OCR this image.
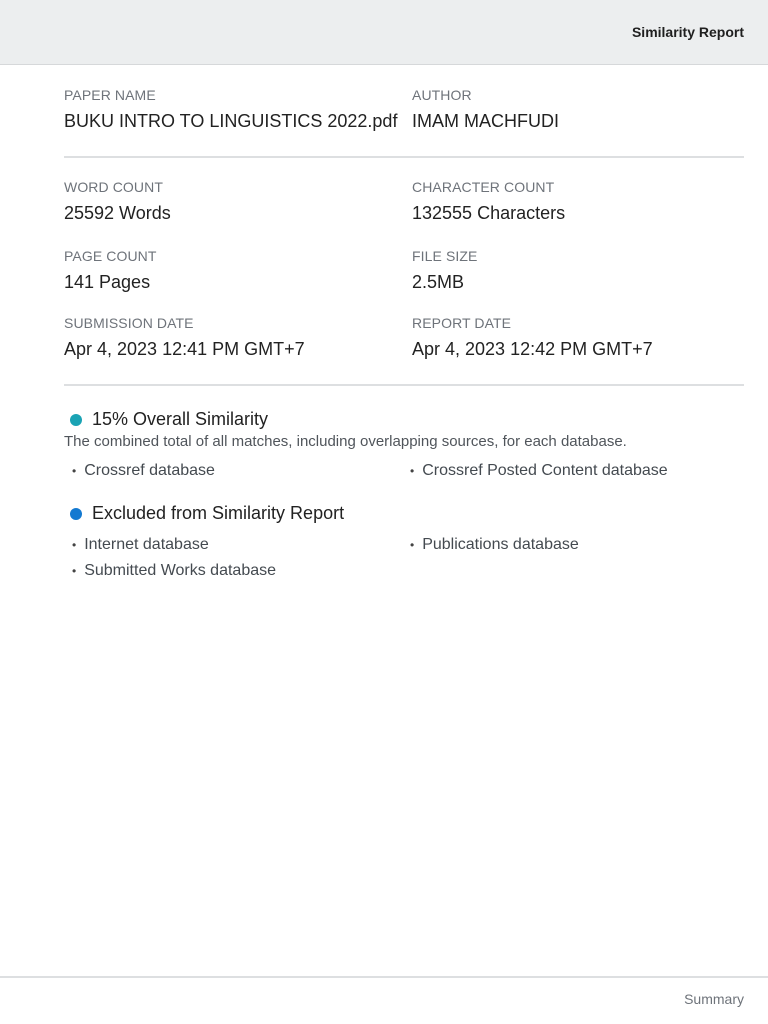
Similarity Report
PAPER NAME
BUKU INTRO TO LINGUISTICS 2022.pdf
AUTHOR
IMAM MACHFUDI
WORD COUNT
25592 Words
CHARACTER COUNT
132555 Characters
PAGE COUNT
141 Pages
FILE SIZE
2.5MB
SUBMISSION DATE
Apr 4, 2023 12:41 PM GMT+7
REPORT DATE
Apr 4, 2023 12:42 PM GMT+7
15% Overall Similarity
The combined total of all matches, including overlapping sources, for each database.
• Crossref database	• Crossref Posted Content database
Excluded from Similarity Report
• Internet database	• Publications database
• Submitted Works database
Summary
